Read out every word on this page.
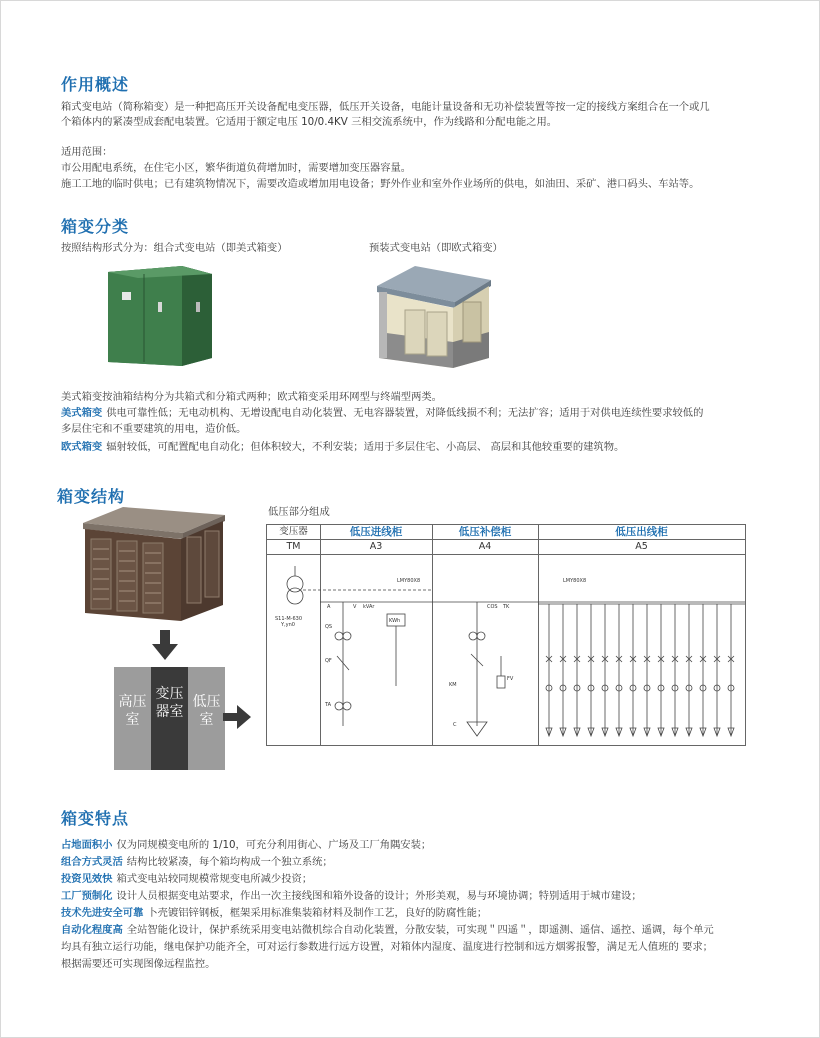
作用概述
箱式变电站（简称箱变）是一种把高压开关设备配电变压器，低压开关设备，电能计量设备和无功补偿装置等按一定的接线方案组合在一个或几
个箱体内的紧凑型成套配电装置。它适用于额定电压 10/0.4KV 三相交流系统中，作为线路和分配电能之用。
适用范围：
市公用配电系统，在住宅小区，繁华街道负荷增加时，需要增加变压器容量。
施工工地的临时供电；已有建筑物情况下，需要改造或增加用电设备；野外作业和室外作业场所的供电，如油田、采矿、港口码头、车站等。
箱变分类
按照结构形式分为：组合式变电站（即美式箱变）	预装式变电站（即欧式箱变）
美式箱变按油箱结构分为共箱式和分箱式两种；欧式箱变采用环网型与终端型两类。
美式箱变 供电可靠性低；无电动机构、无增设配电自动化装置、无电容器装置，对降低线损不利；无法扩容；适用于对供电连续性要求较低的
多层住宅和不重要建筑的用电，造价低。
欧式箱变 辐射较低，可配置配电自动化；但体积较大，不利安装；适用于多层住宅、小高层、 高层和其他较重要的建筑物。
箱变结构
高压室
变压器室
低压室
低压部分组成
变压器	低压进线柜	低压补偿柜	低压出线柜
TM	A3	A4	A5
S11-M-630
Y,yn0
LMY80X8	LMY80X8
KWh
COS TK
A	V kVAr
QS
QF
TA
KM
FV
C
箱变特点
占地面积小 仅为同规模变电所的 1/10，可充分利用街心、广场及工厂角隅安装；
组合方式灵活 结构比较紧凑，每个箱均构成一个独立系统；
投资见效快 箱式变电站较同规模常规变电所减少投资；
工厂预制化 设计人员根据变电站要求，作出一次主接线图和箱外设备的设计；外形美观，易与环境协调；特别适用于城市建设；
技术先进安全可靠 卜壳镀铝锌钢板，框架采用标准集装箱材料及制作工艺，良好的防腐性能；
自动化程度高 全站智能化设计，保护系统采用变电站微机综合自动化装置，分散安装，可实现＂四遥＂，即遥测、遥信、遥控、遥调，每个单元
均具有独立运行功能，继电保护功能齐全，可对运行参数进行远方设置，对箱体内湿度、温度进行控制和远方烟雾报警，满足无人值班的 要求；
根据需要还可实现图像远程监控。
